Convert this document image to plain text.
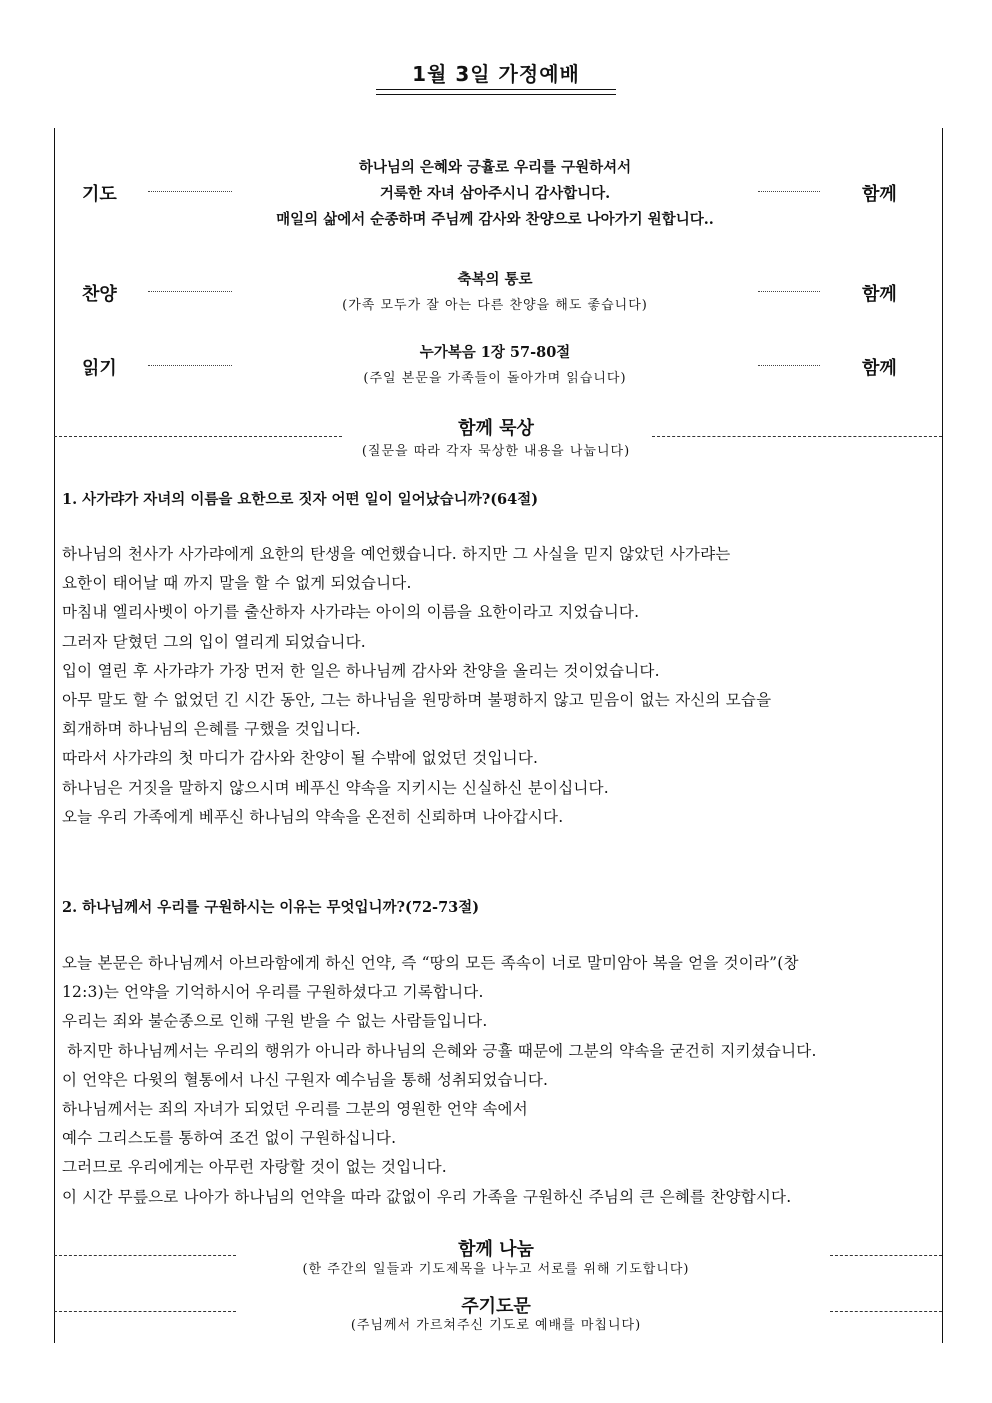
1월 3일 가정예배
기도
하나님의 은혜와 긍휼로 우리를 구원하셔서
거룩한 자녀 삼아주시니 감사합니다.
매일의 삶에서 순종하며 주님께 감사와 찬양으로 나아가기 원합니다..
함께
찬양
축복의 통로
(가족 모두가 잘 아는 다른 찬양을 해도 좋습니다)
함께
읽기
누가복음 1장 57-80절
(주일 본문을 가족들이 돌아가며 읽습니다)	함께
함께 묵상
(질문을 따라 각자 묵상한 내용을 나눕니다)
1. 사가랴가 자녀의 이름을 요한으로 짓자 어떤 일이 일어났습니까?(64절)
하나님의 천사가 사가랴에게 요한의 탄생을 예언했습니다. 하지만 그 사실을 믿지 않았던 사가랴는
요한이 태어날 때 까지 말을 할 수 없게 되었습니다.
마침내 엘리사벳이 아기를 출산하자 사가랴는 아이의 이름을 요한이라고 지었습니다.
그러자 닫혔던 그의 입이 열리게 되었습니다.
입이 열린 후 사가랴가 가장 먼저 한 일은 하나님께 감사와 찬양을 올리는 것이었습니다.
아무 말도 할 수 없었던 긴 시간 동안, 그는 하나님을 원망하며 불평하지 않고 믿음이 없는 자신의 모습을
회개하며 하나님의 은혜를 구했을 것입니다.
따라서 사가랴의 첫 마디가 감사와 찬양이 될 수밖에 없었던 것입니다.
하나님은 거짓을 말하지 않으시며 베푸신 약속을 지키시는 신실하신 분이십니다.
오늘 우리 가족에게 베푸신 하나님의 약속을 온전히 신뢰하며 나아갑시다.
2. 하나님께서 우리를 구원하시는 이유는 무엇입니까?(72-73절)
오늘 본문은 하나님께서 아브라함에게 하신 언약, 즉 “땅의 모든 족속이 너로 말미암아 복을 얻을 것이라”(창
12:3)는 언약을 기억하시어 우리를 구원하셨다고 기록합니다.
우리는 죄와 불순종으로 인해 구원 받을 수 없는 사람들입니다.
하지만 하나님께서는 우리의 행위가 아니라 하나님의 은혜와 긍휼 때문에 그분의 약속을 굳건히 지키셨습니다.
이 언약은 다윗의 혈통에서 나신 구원자 예수님을 통해 성취되었습니다.
하나님께서는 죄의 자녀가 되었던 우리를 그분의 영원한 언약 속에서
예수 그리스도를 통하여 조건 없이 구원하십니다.
그러므로 우리에게는 아무런 자랑할 것이 없는 것입니다.
이 시간 무릎으로 나아가 하나님의 언약을 따라 값없이 우리 가족을 구원하신 주님의 큰 은혜를 찬양합시다.
함께 나눔
(한 주간의 일들과 기도제목을 나누고 서로를 위해 기도합니다)
주기도문
(주님께서 가르쳐주신 기도로 예배를 마칩니다)
